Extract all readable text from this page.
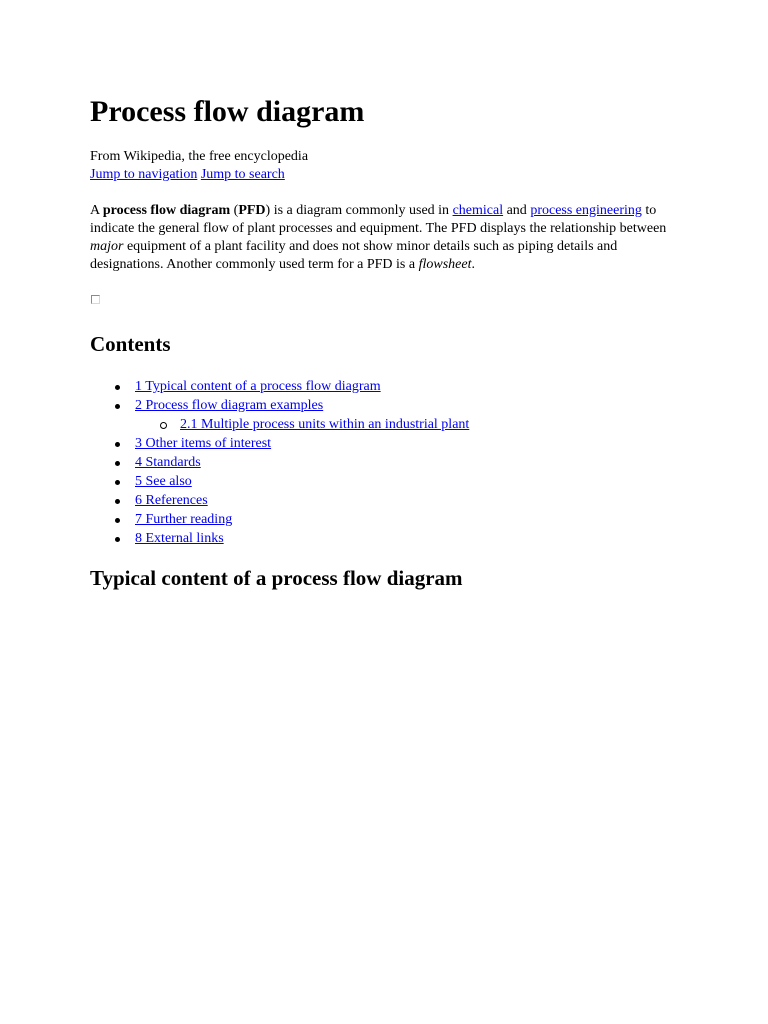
Process flow diagram
From Wikipedia, the free encyclopedia
Jump to navigation Jump to search

A process flow diagram (PFD) is a diagram commonly used in chemical and process engineering to indicate the general flow of plant processes and equipment. The PFD displays the relationship between major equipment of a plant facility and does not show minor details such as piping details and designations. Another commonly used term for a PFD is a flowsheet.

Contents
1 Typical content of a process flow diagram
2 Process flow diagram examples
2.1 Multiple process units within an industrial plant
3 Other items of interest
4 Standards
5 See also
6 References
7 Further reading
8 External links
Typical content of a process flow diagram
